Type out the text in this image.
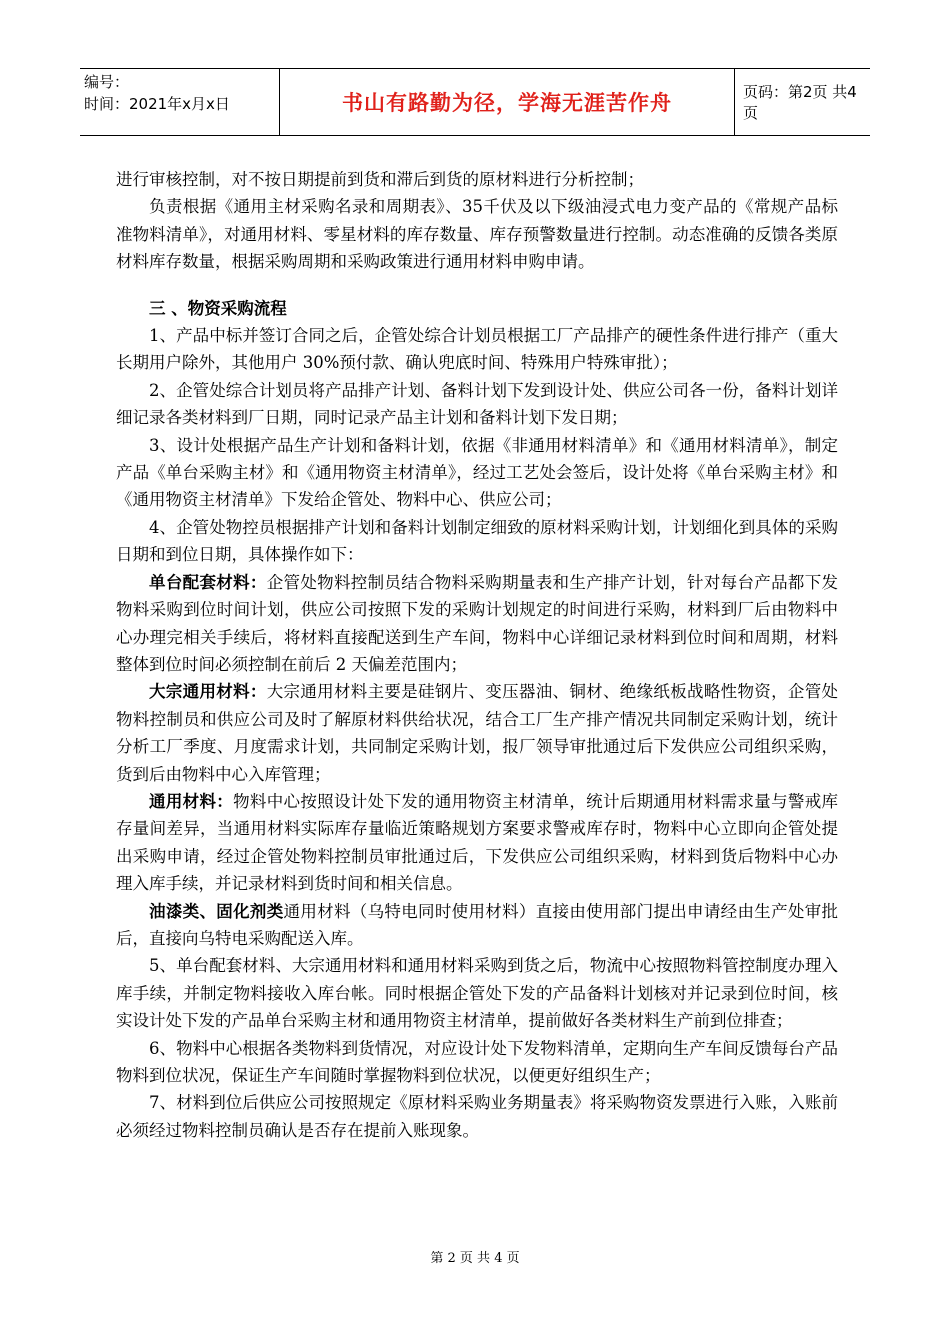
编号：
时间：2021年x月x日	书山有路勤为径，学海无涯苦作舟	页码：第2页 共4页

进行审核控制，对不按日期提前到货和滞后到货的原材料进行分析控制；

负责根据《通用主材采购名录和周期表》、35千伏及以下级油浸式电力变产品的《常规产品标准物料清单》，对通用材料、零星材料的库存数量、库存预警数量进行控制。动态准确的反馈各类原材料库存数量，根据采购周期和采购政策进行通用材料申购申请。

三 、物资采购流程

1、产品中标并签订合同之后，企管处综合计划员根据工厂产品排产的硬性条件进行排产（重大长期用户除外，其他用户 30%预付款、确认兜底时间、特殊用户特殊审批）；

2、企管处综合计划员将产品排产计划、备料计划下发到设计处、供应公司各一份，备料计划详细记录各类材料到厂日期，同时记录产品主计划和备料计划下发日期；

3、设计处根据产品生产计划和备料计划，依据《非通用材料清单》和《通用材料清单》，制定产品《单台采购主材》和《通用物资主材清单》，经过工艺处会签后，设计处将《单台采购主材》和《通用物资主材清单》下发给企管处、物料中心、供应公司；

4、企管处物控员根据排产计划和备料计划制定细致的原材料采购计划，计划细化到具体的采购日期和到位日期，具体操作如下：

单台配套材料：企管处物料控制员结合物料采购期量表和生产排产计划，针对每台产品都下发物料采购到位时间计划，供应公司按照下发的采购计划规定的时间进行采购，材料到厂后由物料中心办理完相关手续后，将材料直接配送到生产车间，物料中心详细记录材料到位时间和周期，材料整体到位时间必须控制在前后 2 天偏差范围内；

大宗通用材料：大宗通用材料主要是硅钢片、变压器油、铜材、绝缘纸板战略性物资，企管处物料控制员和供应公司及时了解原材料供给状况，结合工厂生产排产情况共同制定采购计划，统计分析工厂季度、月度需求计划，共同制定采购计划，报厂领导审批通过后下发供应公司组织采购，货到后由物料中心入库管理；

通用材料：物料中心按照设计处下发的通用物资主材清单，统计后期通用材料需求量与警戒库存量间差异，当通用材料实际库存量临近策略规划方案要求警戒库存时，物料中心立即向企管处提出采购申请，经过企管处物料控制员审批通过后，下发供应公司组织采购，材料到货后物料中心办理入库手续，并记录材料到货时间和相关信息。

油漆类、固化剂类通用材料（乌特电同时使用材料）直接由使用部门提出申请经由生产处审批后，直接向乌特电采购配送入库。

5、单台配套材料、大宗通用材料和通用材料采购到货之后，物流中心按照物料管控制度办理入库手续，并制定物料接收入库台帐。同时根据企管处下发的产品备料计划核对并记录到位时间，核实设计处下发的产品单台采购主材和通用物资主材清单，提前做好各类材料生产前到位排查；

6、物料中心根据各类物料到货情况，对应设计处下发物料清单，定期向生产车间反馈每台产品物料到位状况，保证生产车间随时掌握物料到位状况，以便更好组织生产；

7、材料到位后供应公司按照规定《原材料采购业务期量表》将采购物资发票进行入账，入账前必须经过物料控制员确认是否存在提前入账现象。

第 2 页 共 4 页
